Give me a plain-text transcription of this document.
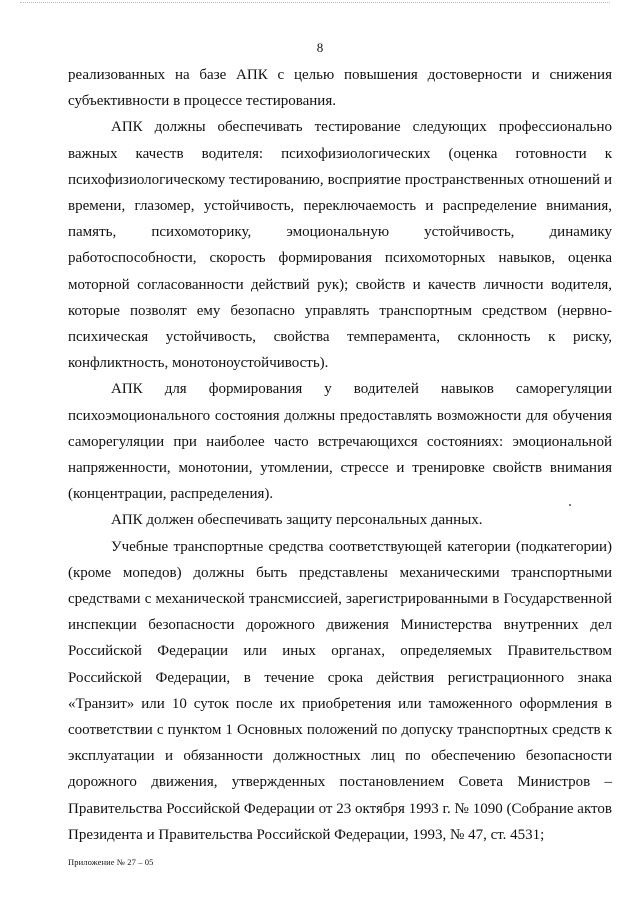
8

реализованных на базе АПК с целью повышения достоверности и снижения субъективности в процессе тестирования.

АПК должны обеспечивать тестирование следующих профессионально важных качеств водителя: психофизиологических (оценка готовности к психофизиологическому тестированию, восприятие пространственных отношений и времени, глазомер, устойчивость, переключаемость и распределение внимания, память, психомоторику, эмоциональную устойчивость, динамику работоспособности, скорость формирования психомоторных навыков, оценка моторной согласованности действий рук); свойств и качеств личности водителя, которые позволят ему безопасно управлять транспортным средством (нервно-психическая устойчивость, свойства темперамента, склонность к риску, конфликтность, монотоноустойчивость).

АПК для формирования у водителей навыков саморегуляции психоэмоционального состояния должны предоставлять возможности для обучения саморегуляции при наиболее часто встречающихся состояниях: эмоциональной напряженности, монотонии, утомлении, стрессе и тренировке свойств внимания (концентрации, распределения).

АПК должен обеспечивать защиту персональных данных.

Учебные транспортные средства соответствующей категории (подкатегории) (кроме мопедов) должны быть представлены механическими транспортными средствами с механической трансмиссией, зарегистрированными в Государственной инспекции безопасности дорожного движения Министерства внутренних дел Российской Федерации или иных органах, определяемых Правительством Российской Федерации, в течение срока действия регистрационного знака «Транзит» или 10 суток после их приобретения или таможенного оформления в соответствии с пунктом 1 Основных положений по допуску транспортных средств к эксплуатации и обязанности должностных лиц по обеспечению безопасности дорожного движения, утвержденных постановлением Совета Министров – Правительства Российской Федерации от 23 октября 1993 г. № 1090 (Собрание актов Президента и Правительства Российской Федерации, 1993, № 47, ст. 4531;

Приложение № 27 – 05
